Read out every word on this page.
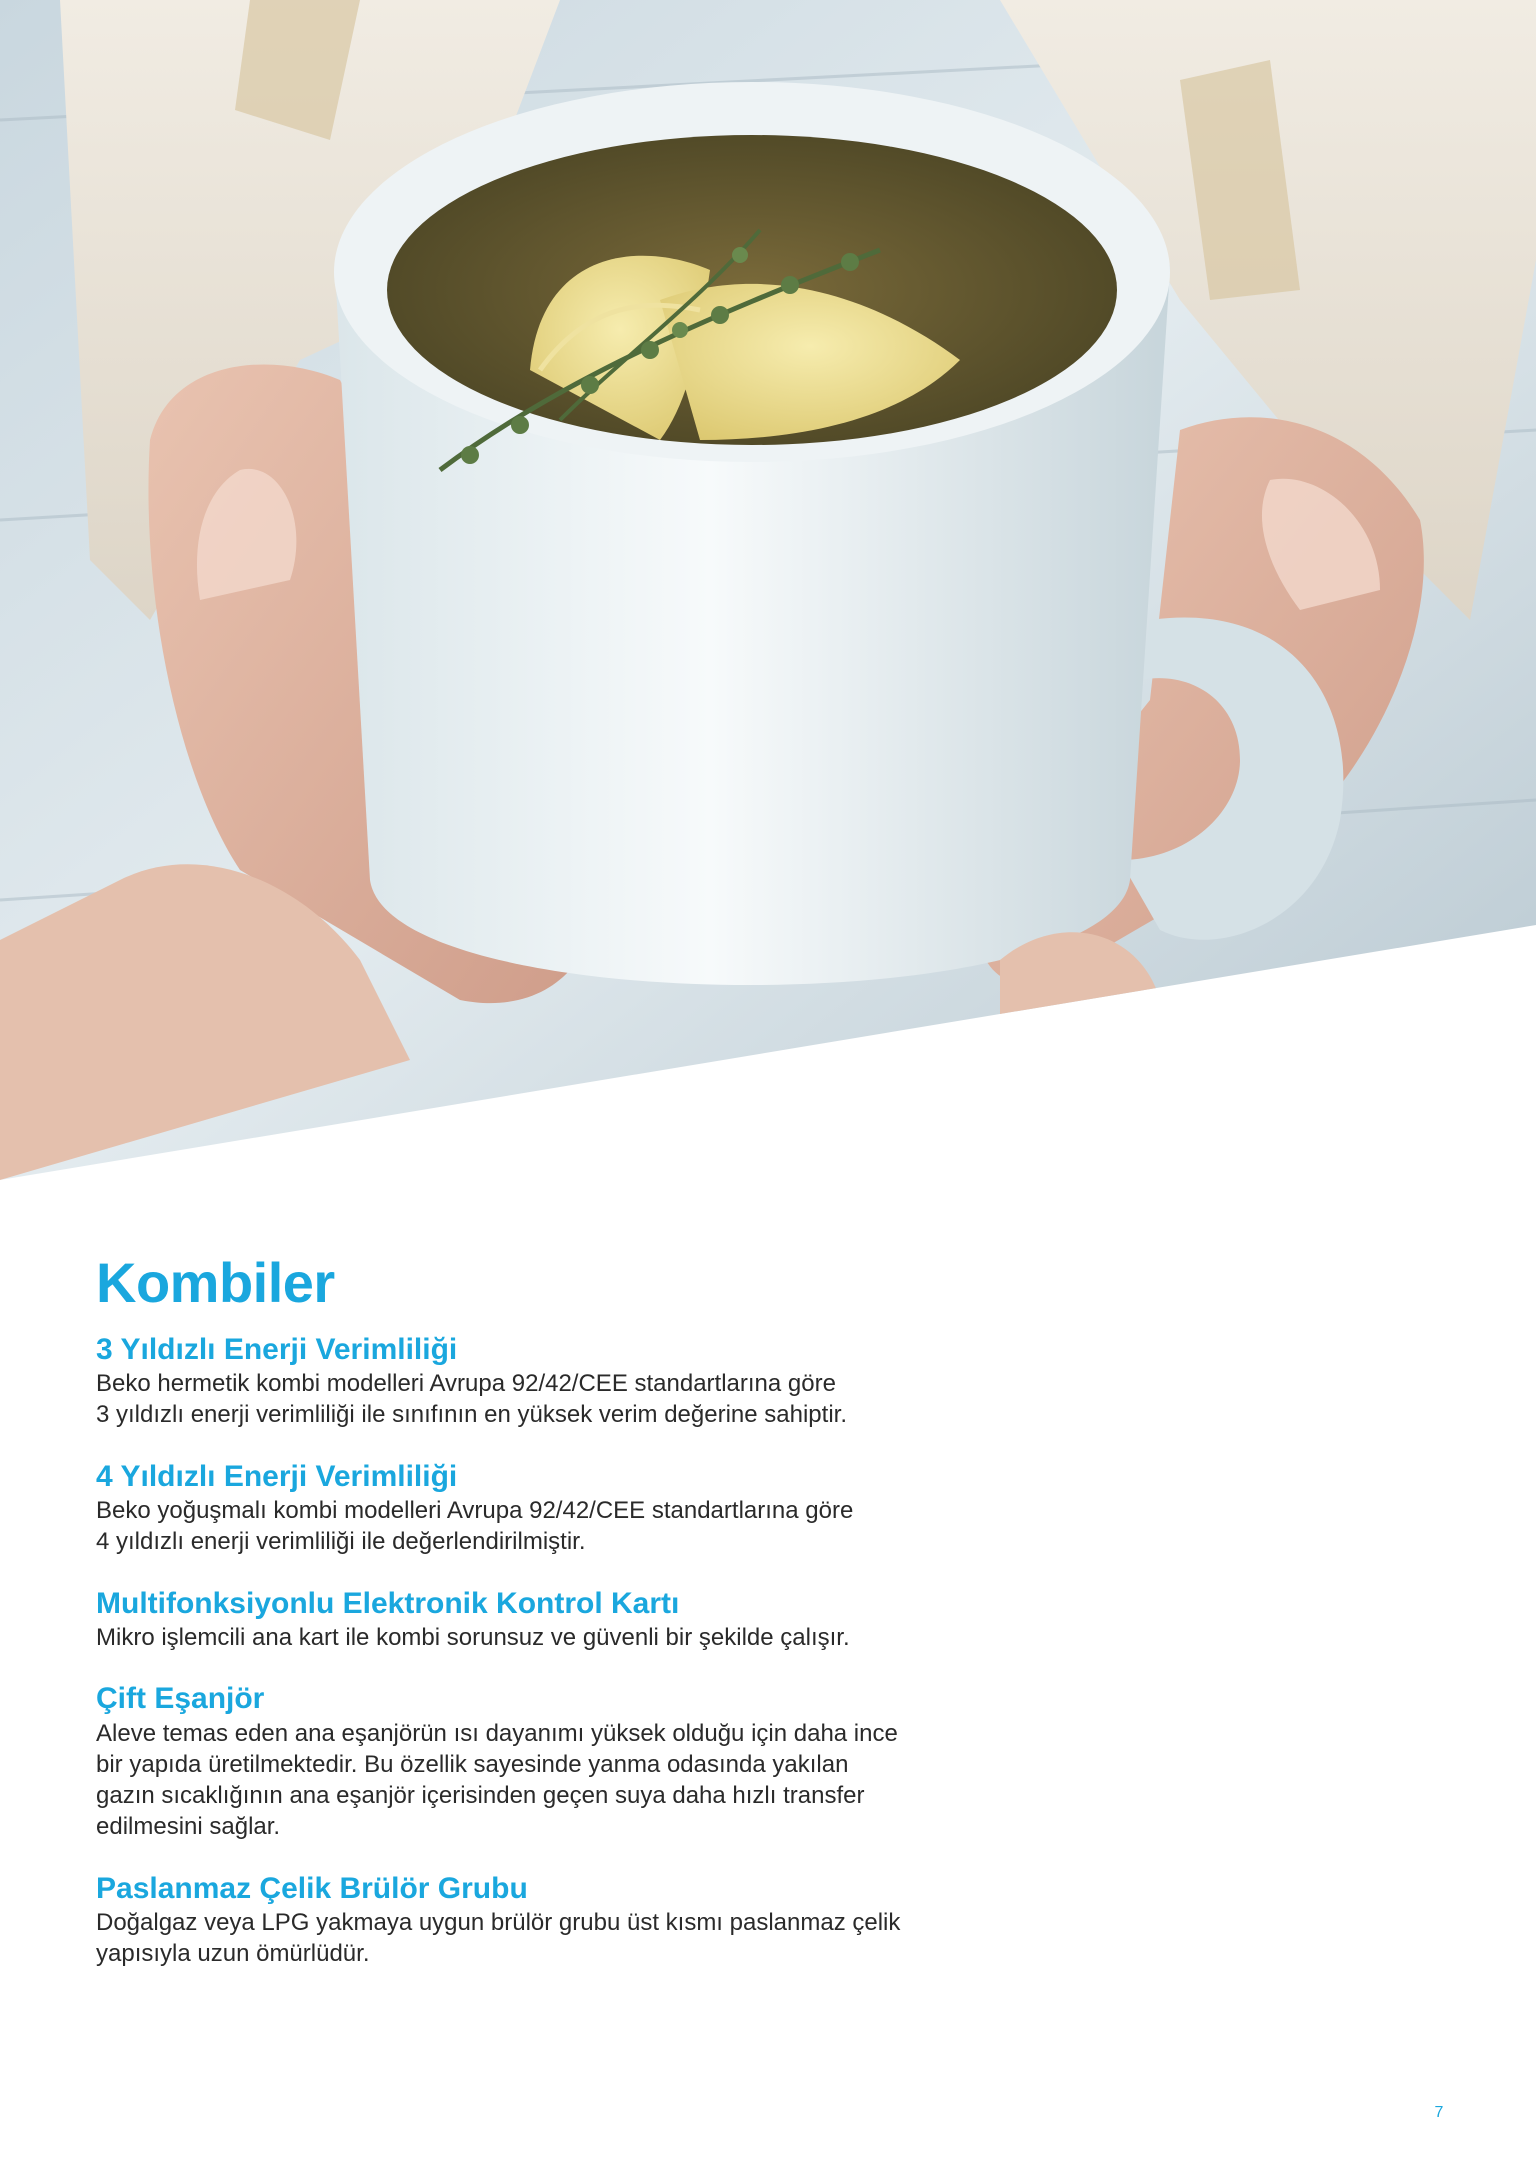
Kombiler
3 Yıldızlı Enerji Verimliliği

Beko hermetik kombi modelleri Avrupa 92/42/CEE standartlarına göre
3 yıldızlı enerji verimliliği ile sınıfının en yüksek verim değerine sahiptir.

4 Yıldızlı Enerji Verimliliği

Beko yoğuşmalı kombi modelleri Avrupa 92/42/CEE standartlarına göre
4 yıldızlı enerji verimliliği ile değerlendirilmiştir.

Multifonksiyonlu Elektronik Kontrol Kartı

Mikro işlemcili ana kart ile kombi sorunsuz ve güvenli bir şekilde çalışır.

Çift Eşanjör

Aleve temas eden ana eşanjörün ısı dayanımı yüksek olduğu için daha ince
bir yapıda üretilmektedir. Bu özellik sayesinde yanma odasında yakılan
gazın sıcaklığının ana eşanjör içerisinden geçen suya daha hızlı transfer
edilmesini sağlar.

Paslanmaz Çelik Brülör Grubu

Doğalgaz veya LPG yakmaya uygun brülör grubu üst kısmı paslanmaz çelik
yapısıyla uzun ömürlüdür.

7
